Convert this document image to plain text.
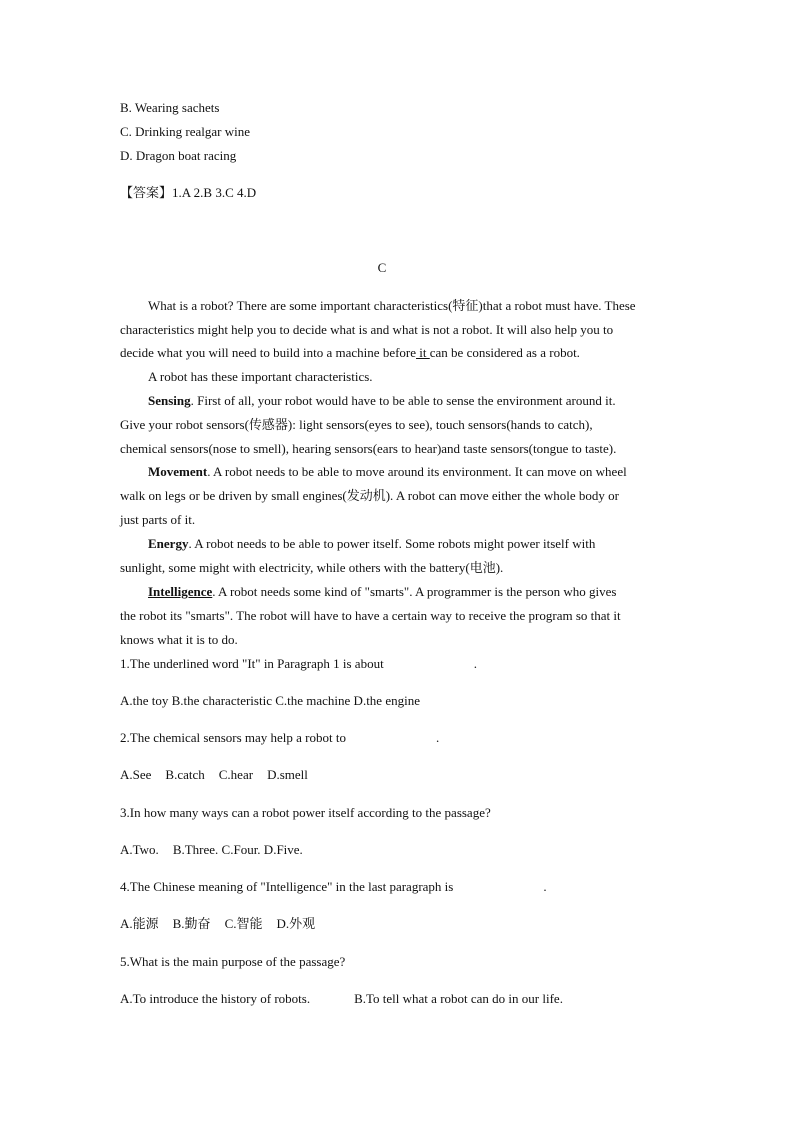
B. Wearing sachets
C. Drinking realgar wine
D. Dragon boat racing
【答案】1.A 2.B 3.C 4.D
C
What is a robot? There are some important characteristics(特征)that a robot must have. These
characteristics might help you to decide what is and what is not a robot. It will also help you to
decide what you will need to build into a machine before it can be considered as a robot.
A robot has these important characteristics.
Sensing. First of all, your robot would have to be able to sense the environment around it.
Give your robot sensors(传感器): light sensors(eyes to see), touch sensors(hands to catch),
chemical sensors(nose to smell), hearing sensors(ears to hear)and taste sensors(tongue to taste).
Movement. A robot needs to be able to move around its environment. It can move on wheel
walk on legs or be driven by small engines(发动机). A robot can move either the whole body or
just parts of it.
Energy. A robot needs to be able to power itself. Some robots might power itself with
sunlight, some might with electricity, while others with the battery(电池).
Intelligence. A robot needs some kind of "smarts". A programmer is the person who gives
the robot its "smarts". The robot will have to have a certain way to receive the program so that it
knows what it is to do.
1.The underlined word "It" in Paragraph 1 is about	.
A.the toy B.the characteristic C.the machine D.the engine
2.The chemical sensors may help a robot to	.
A.See B.catch C.hear D.smell
3.In how many ways can a robot power itself according to the passage?
A.Two. B.Three. C.Four. D.Five.
4.The Chinese meaning of "Intelligence" in the last paragraph is	.
A.能源 B.勤奋 C.智能 D.外观
5.What is the main purpose of the passage?
A.To introduce the history of robots.	B.To tell what a robot can do in our life.
